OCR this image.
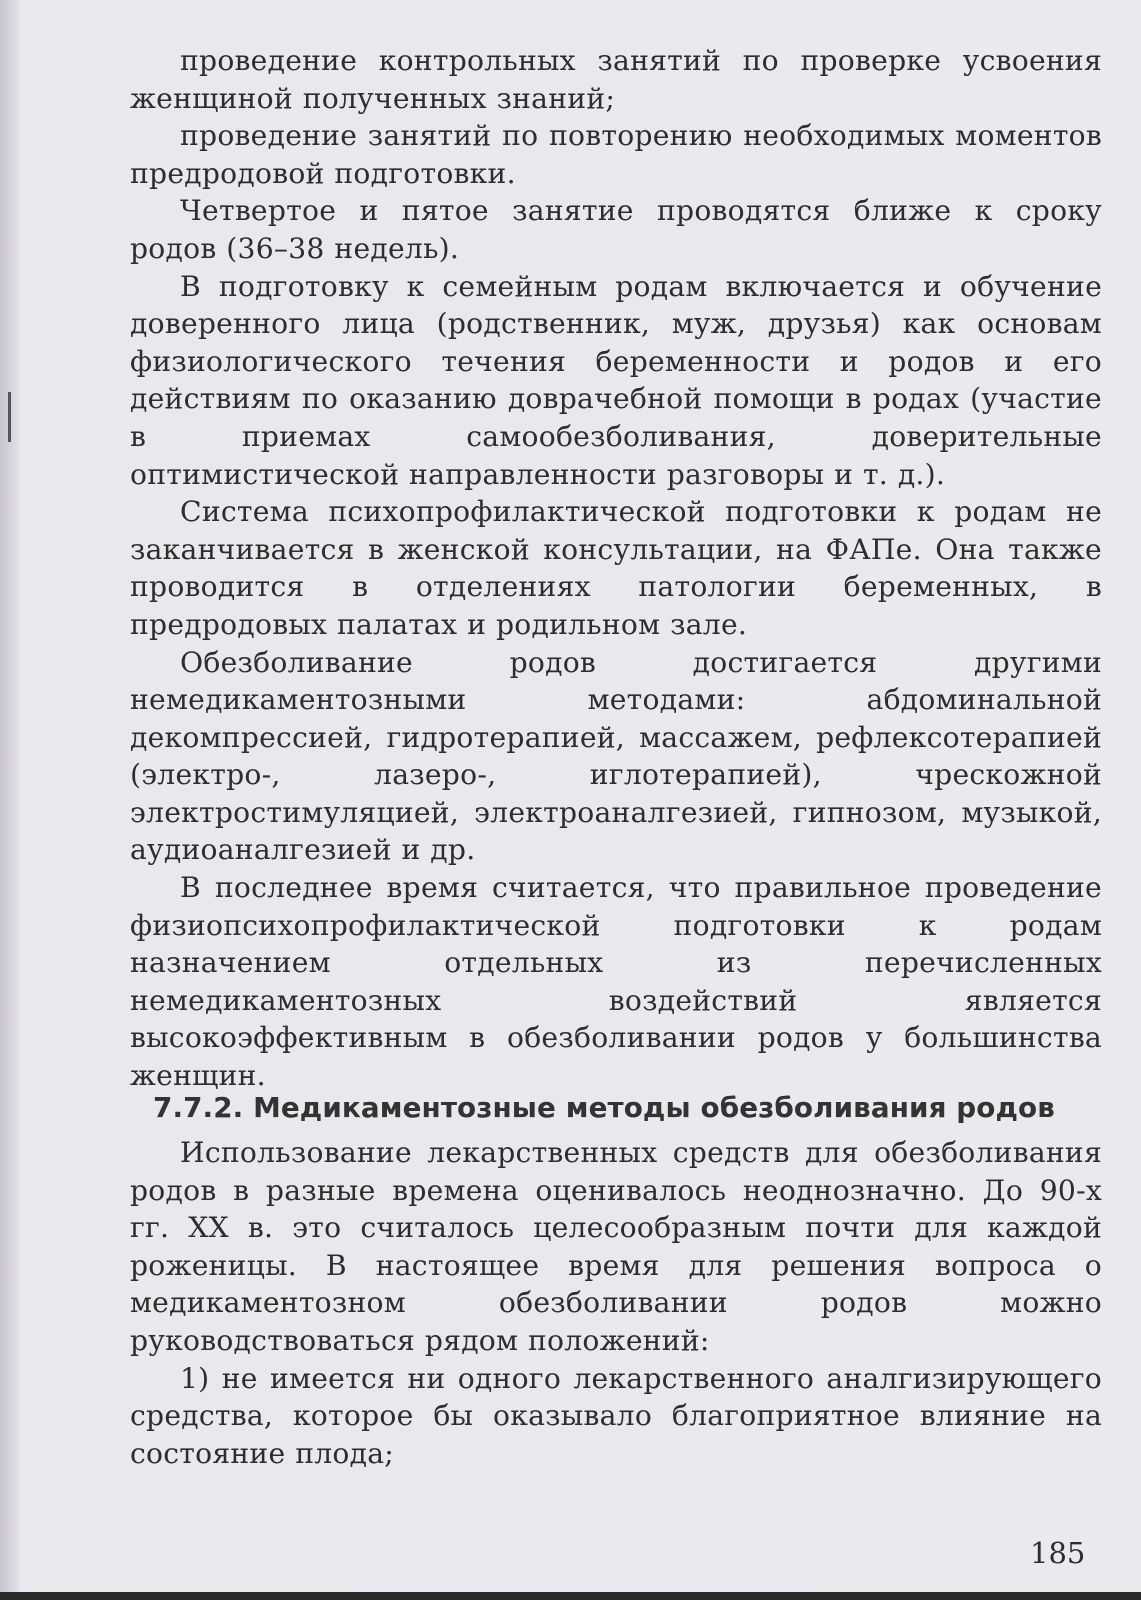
проведение контрольных занятий по проверке усвоения женщиной полученных знаний;

проведение занятий по повторению необходимых моментов предродовой подготовки.

Четвертое и пятое занятие проводятся ближе к сроку родов (36–38 недель).

В подготовку к семейным родам включается и обучение доверенного лица (родственник, муж, друзья) как основам физиологического течения беременности и родов и его действиям по оказанию доврачебной помощи в родах (участие в приемах самообезболивания, доверительные оптимистической направленности разговоры и т. д.).

Система психопрофилактической подготовки к родам не заканчивается в женской консультации, на ФАПе. Она также проводится в отделениях патологии беременных, в предродовых палатах и родильном зале.

Обезболивание родов достигается другими немедикаментозными методами: абдоминальной декомпрессией, гидротерапией, массажем, рефлексотерапией (электро-, лазеро-, иглотерапией), чрескожной электростимуляцией, электроаналгезией, гипнозом, музыкой, аудиоаналгезией и др.

В последнее время считается, что правильное проведение физиопсихопрофилактической подготовки к родам назначением отдельных из перечисленных немедикаментозных воздействий является высокоэффективным в обезболивании родов у большинства женщин.

7.7.2. Медикаментозные методы обезболивания родов

Использование лекарственных средств для обезболивания родов в разные времена оценивалось неоднозначно. До 90-х гг. XX в. это считалось целесообразным почти для каждой роженицы. В настоящее время для решения вопроса о медикаментозном обезболивании родов можно руководствоваться рядом положений:

1) не имеется ни одного лекарственного аналгизирующего средства, которое бы оказывало благоприятное влияние на состояние плода;

185
